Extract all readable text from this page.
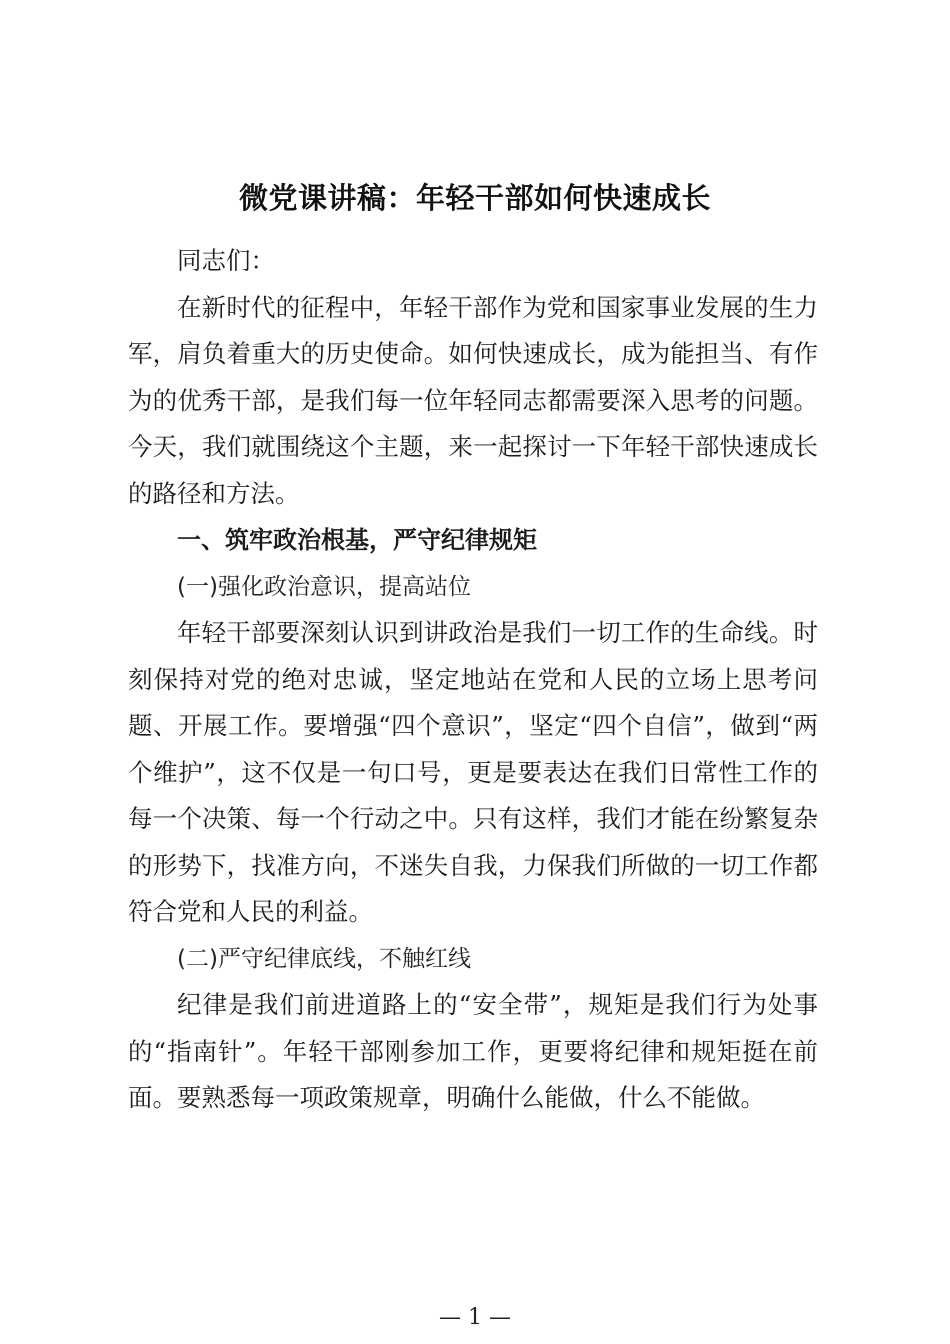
微党课讲稿：年轻干部如何快速成长

同志们：

在新时代的征程中，年轻干部作为党和国家事业发展的生力军，肩负着重大的历史使命。如何快速成长，成为能担当、有作为的优秀干部，是我们每一位年轻同志都需要深入思考的问题。今天，我们就围绕这个主题，来一起探讨一下年轻干部快速成长的路径和方法。

一、筑牢政治根基，严守纪律规矩

(一)强化政治意识，提高站位

年轻干部要深刻认识到讲政治是我们一切工作的生命线。时刻保持对党的绝对忠诚，坚定地站在党和人民的立场上思考问题、开展工作。要增强“四个意识”，坚定“四个自信”，做到“两个维护”，这不仅是一句口号，更是要表达在我们日常性工作的每一个决策、每一个行动之中。只有这样，我们才能在纷繁复杂的形势下，找准方向，不迷失自我，力保我们所做的一切工作都符合党和人民的利益。

(二)严守纪律底线，不触红线

纪律是我们前进道路上的“安全带”，规矩是我们行为处事的“指南针”。年轻干部刚参加工作，更要将纪律和规矩挺在前面。要熟悉每一项政策规章，明确什么能做，什么不能做。

— 1 —
